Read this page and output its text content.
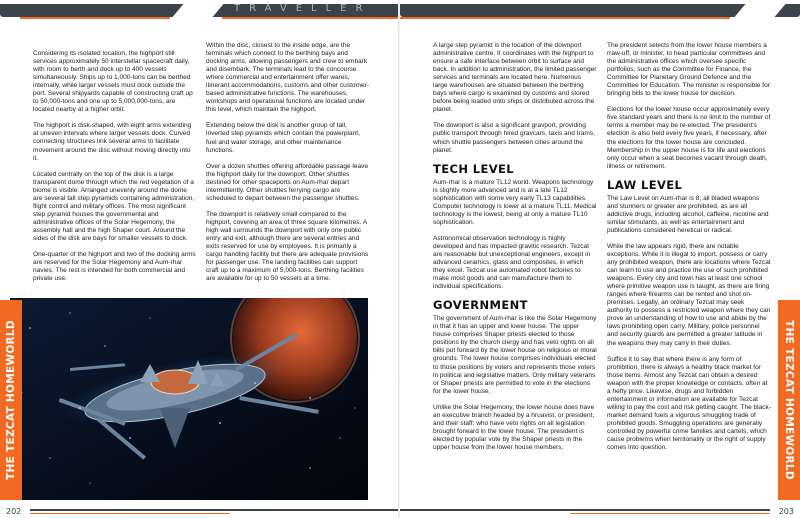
TRAVELLER

Considering its isolated location, the highport still services approximately 50 interstellar spacecraft daily, with room to berth and dock up to 400 vessels simultaneously. Ships up to 1,000-tons can be berthed internally, while larger vessels must dock outside the port. Several shipyards capable of constructing craft up to 50,000-tons and one up to 5,000,000-tons, are located nearby at a higher orbit.

The highport is disk-shaped, with eight arms extending at uneven intervals where larger vessels dock. Curved connecting structures link several arms to facilitate movement around the disc without moving directly into it.

Located centrally on the top of the disk is a large transparent dome through which the red vegetation of a biome is visible. Arranged unevenly around the dome are several tall step pyramids containing administration, flight control and military offices. The most significant step pyramid houses the governmental and administrative offices of the Solar Hegemony, the assembly hall and the high Shaper court. Around the sides of the disk are bays for smaller vessels to dock.

One-quarter of the highport and two of the docking arms are reserved for the Solar Hegemony and Aum-rhar navies. The rest is intended for both commercial and private use.

Within the disc, closest to the inside edge, are the terminals which connect to the berthing bays and docking arms, allowing passengers and crew to embark and disembark. The terminals lead to the concourse where commercial and entertainment offer wares, itinerant accommodations, customs and other customer-based administrative functions. The warehouses, workshops and operational functions are located under this level, which maintain the highport.

Extending below the disk is another group of tall, inverted step pyramids which contain the powerplant, fuel and water storage, and other maintenance functions.

Over a dozen shuttles offering affordable passage leave the highport daily for the downport. Other shuttles destined for other spaceports on Aum-rhar depart intermittently. Other shuttles ferrying cargo are scheduled to depart between the passenger shuttles.

The downport is relatively small compared to the highport, covering an area of three square kilometres. A high wall surrounds the downport with only one public entry and exit, although there are several entries and exits reserved for use by employees. It is primarily a cargo handling facility but there are adequate provisions for passenger use. The landing facilities can support craft up to a maximum of 5,000-tons. Berthing facilities are available for up to 50 vessels at a time.

THE TEZCAT HOMEWORLD
202

A large step pyramid is the location of the downport administrative centre. It coordinates with the highport to ensure a safe interface between orbit to surface and back. In addition to administration, the limited passenger services and terminals are located here. Numerous large warehouses are situated between the berthing bays where cargo is examined by customs and stored before being loaded onto ships or distributed across the planet.

The downport is also a significant gravport, providing public transport through hired gravcars, taxis and trams, which shuttle passengers between cities around the planet.

TECH LEVEL

Aum-rhar is a mature TL12 world. Weapons technology is slightly more advanced and is at a late TL12 sophistication with some very early TL13 capabilities. Computer technology is lower at a mature TL11. Medical technology is the lowest, being at only a mature TL10 sophistication.

Astronomical observation technology is highly developed and has impacted gravitic research. Tezcat are reasonable but unexceptional engineers, except in advanced ceramics, glass and composites, in which they excel. Tezcat use automated robot factories to make most goods and can manufacture them to individual specifications.

GOVERNMENT

The government of Aum-rhar is like the Solar Hegemony in that it has an upper and lower house. The upper house comprises Shaper priests elected to those positions by the church clergy and has veto rights on all bills put forward by the lower house on religious or moral grounds. The lower house comprises individuals elected to those positions by voters and represents those voters in political and legislative matters. Only military veterans or Shaper priests are permitted to vote in the elections for the lower house.

Unlike the Solar Hegemony, the lower house does have an executive branch headed by a hruavist, or president, and their staff; who have veto rights on all legislation brought forward in the lower house. The president is elected by popular vote by the Shaper priests in the upper house from the lower house members.

The president selects from the lower house members a rraw-uff, or minister, to head particular committees and the administrative offices which oversee specific portfolios, such as the Committee for Finance, the Committee for Planetary Ground Defence and the Committee for Education. The minister is responsible for bringing bills to the lower house for decision.

Elections for the lower house occur approximately every five standard years and there is no limit to the number of terms a member may be re-elected. The president's election is also held every five years, if necessary, after the elections for the lower house are concluded. Membership in the upper house is for life and elections only occur when a seat becomes vacant through death, illness or retirement.

LAW LEVEL

The Law Level on Aum-rhar is 8; all bladed weapons and stunners or greater are prohibited, as are all addictive drugs, including alcohol, caffeine, nicotine and similar stimulants, as well as entertainment and publications considered heretical or radical.

While the law appears rigid, there are notable exceptions. While it is illegal to import, possess or carry any prohibited weapon, there are locations where Tezcat can learn to use and practice the use of such prohibited weapons. Every city and town has at least one school where primitive weapon use is taught, as there are firing ranges where firearms can be rented and shot on-premises. Legally, an ordinary Tezcat may seek authority to possess a restricted weapon where they can prove an understanding of how to use and abide by the laws prohibiting open carry. Military, police personnel and security guards are permitted a greater latitude in the weapons they may carry in their duties.

Suffice it to say that where there is any form of prohibition, there is always a healthy black market for those items. Almost any Tezcat can obtain a desired weapon with the proper knowledge or contacts, often at a hefty price. Likewise, drugs and forbidden entertainment or information are available for Tezcat willing to pay the cost and risk getting caught. The black-market demand fuels a vigorous smuggling trade of prohibited goods. Smuggling operations are generally controlled by powerful crime families and cartels, which cause problems when territoriality or the right of supply comes into question.	THE TEZCAT HOMEWORLD
203
